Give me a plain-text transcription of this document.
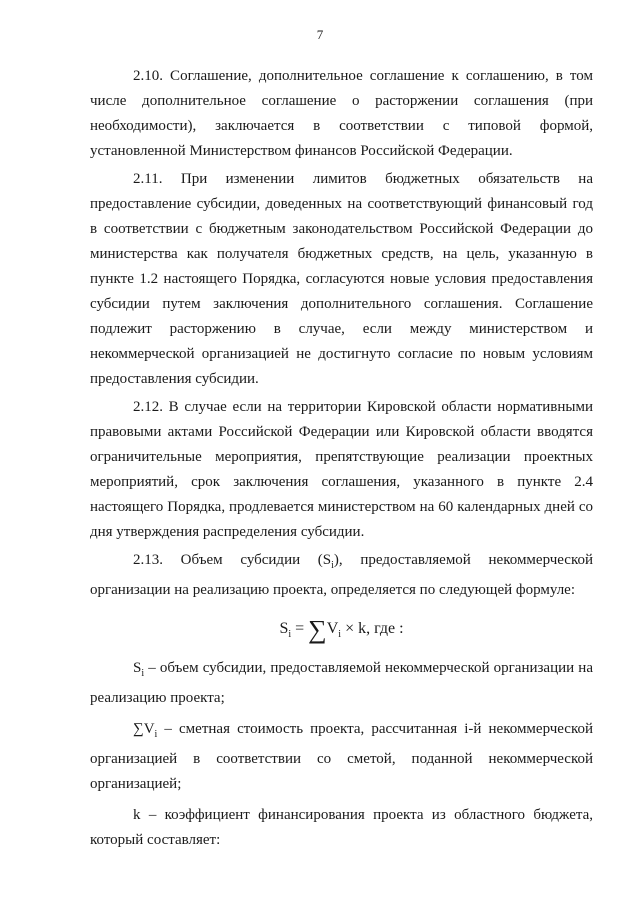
7

2.10. Соглашение, дополнительное соглашение к соглашению, в том числе дополнительное соглашение о расторжении соглашения (при необходимости), заключается в соответствии с типовой формой, установленной Министерством финансов Российской Федерации.

2.11. При изменении лимитов бюджетных обязательств на предоставление субсидии, доведенных на соответствующий финансовый год в соответствии с бюджетным законодательством Российской Федерации до министерства как получателя бюджетных средств, на цель, указанную в пункте 1.2 настоящего Порядка, согласуются новые условия предоставления субсидии путем заключения дополнительного соглашения. Соглашение подлежит расторжению в случае, если между министерством и некоммерческой организацией не достигнуто согласие по новым условиям предоставления субсидии.

2.12. В случае если на территории Кировской области нормативными правовыми актами Российской Федерации или Кировской области вводятся ограничительные мероприятия, препятствующие реализации проектных мероприятий, срок заключения соглашения, указанного в пункте 2.4 настоящего Порядка, продлевается министерством на 60 календарных дней со дня утверждения распределения субсидии.

2.13. Объем субсидии $(S_i)$, предоставляемой некоммерческой организации на реализацию проекта, определяется по следующей формуле:

$S_i = \sum V_i \times k$, где :

$S_i$ – объем субсидии, предоставляемой некоммерческой организации на реализацию проекта;

$\sum V_i$ – сметная стоимость проекта, рассчитанная i-й некоммерческой организацией в соответствии со сметой, поданной некоммерческой организацией;

k – коэффициент финансирования проекта из областного бюджета, который составляет:
